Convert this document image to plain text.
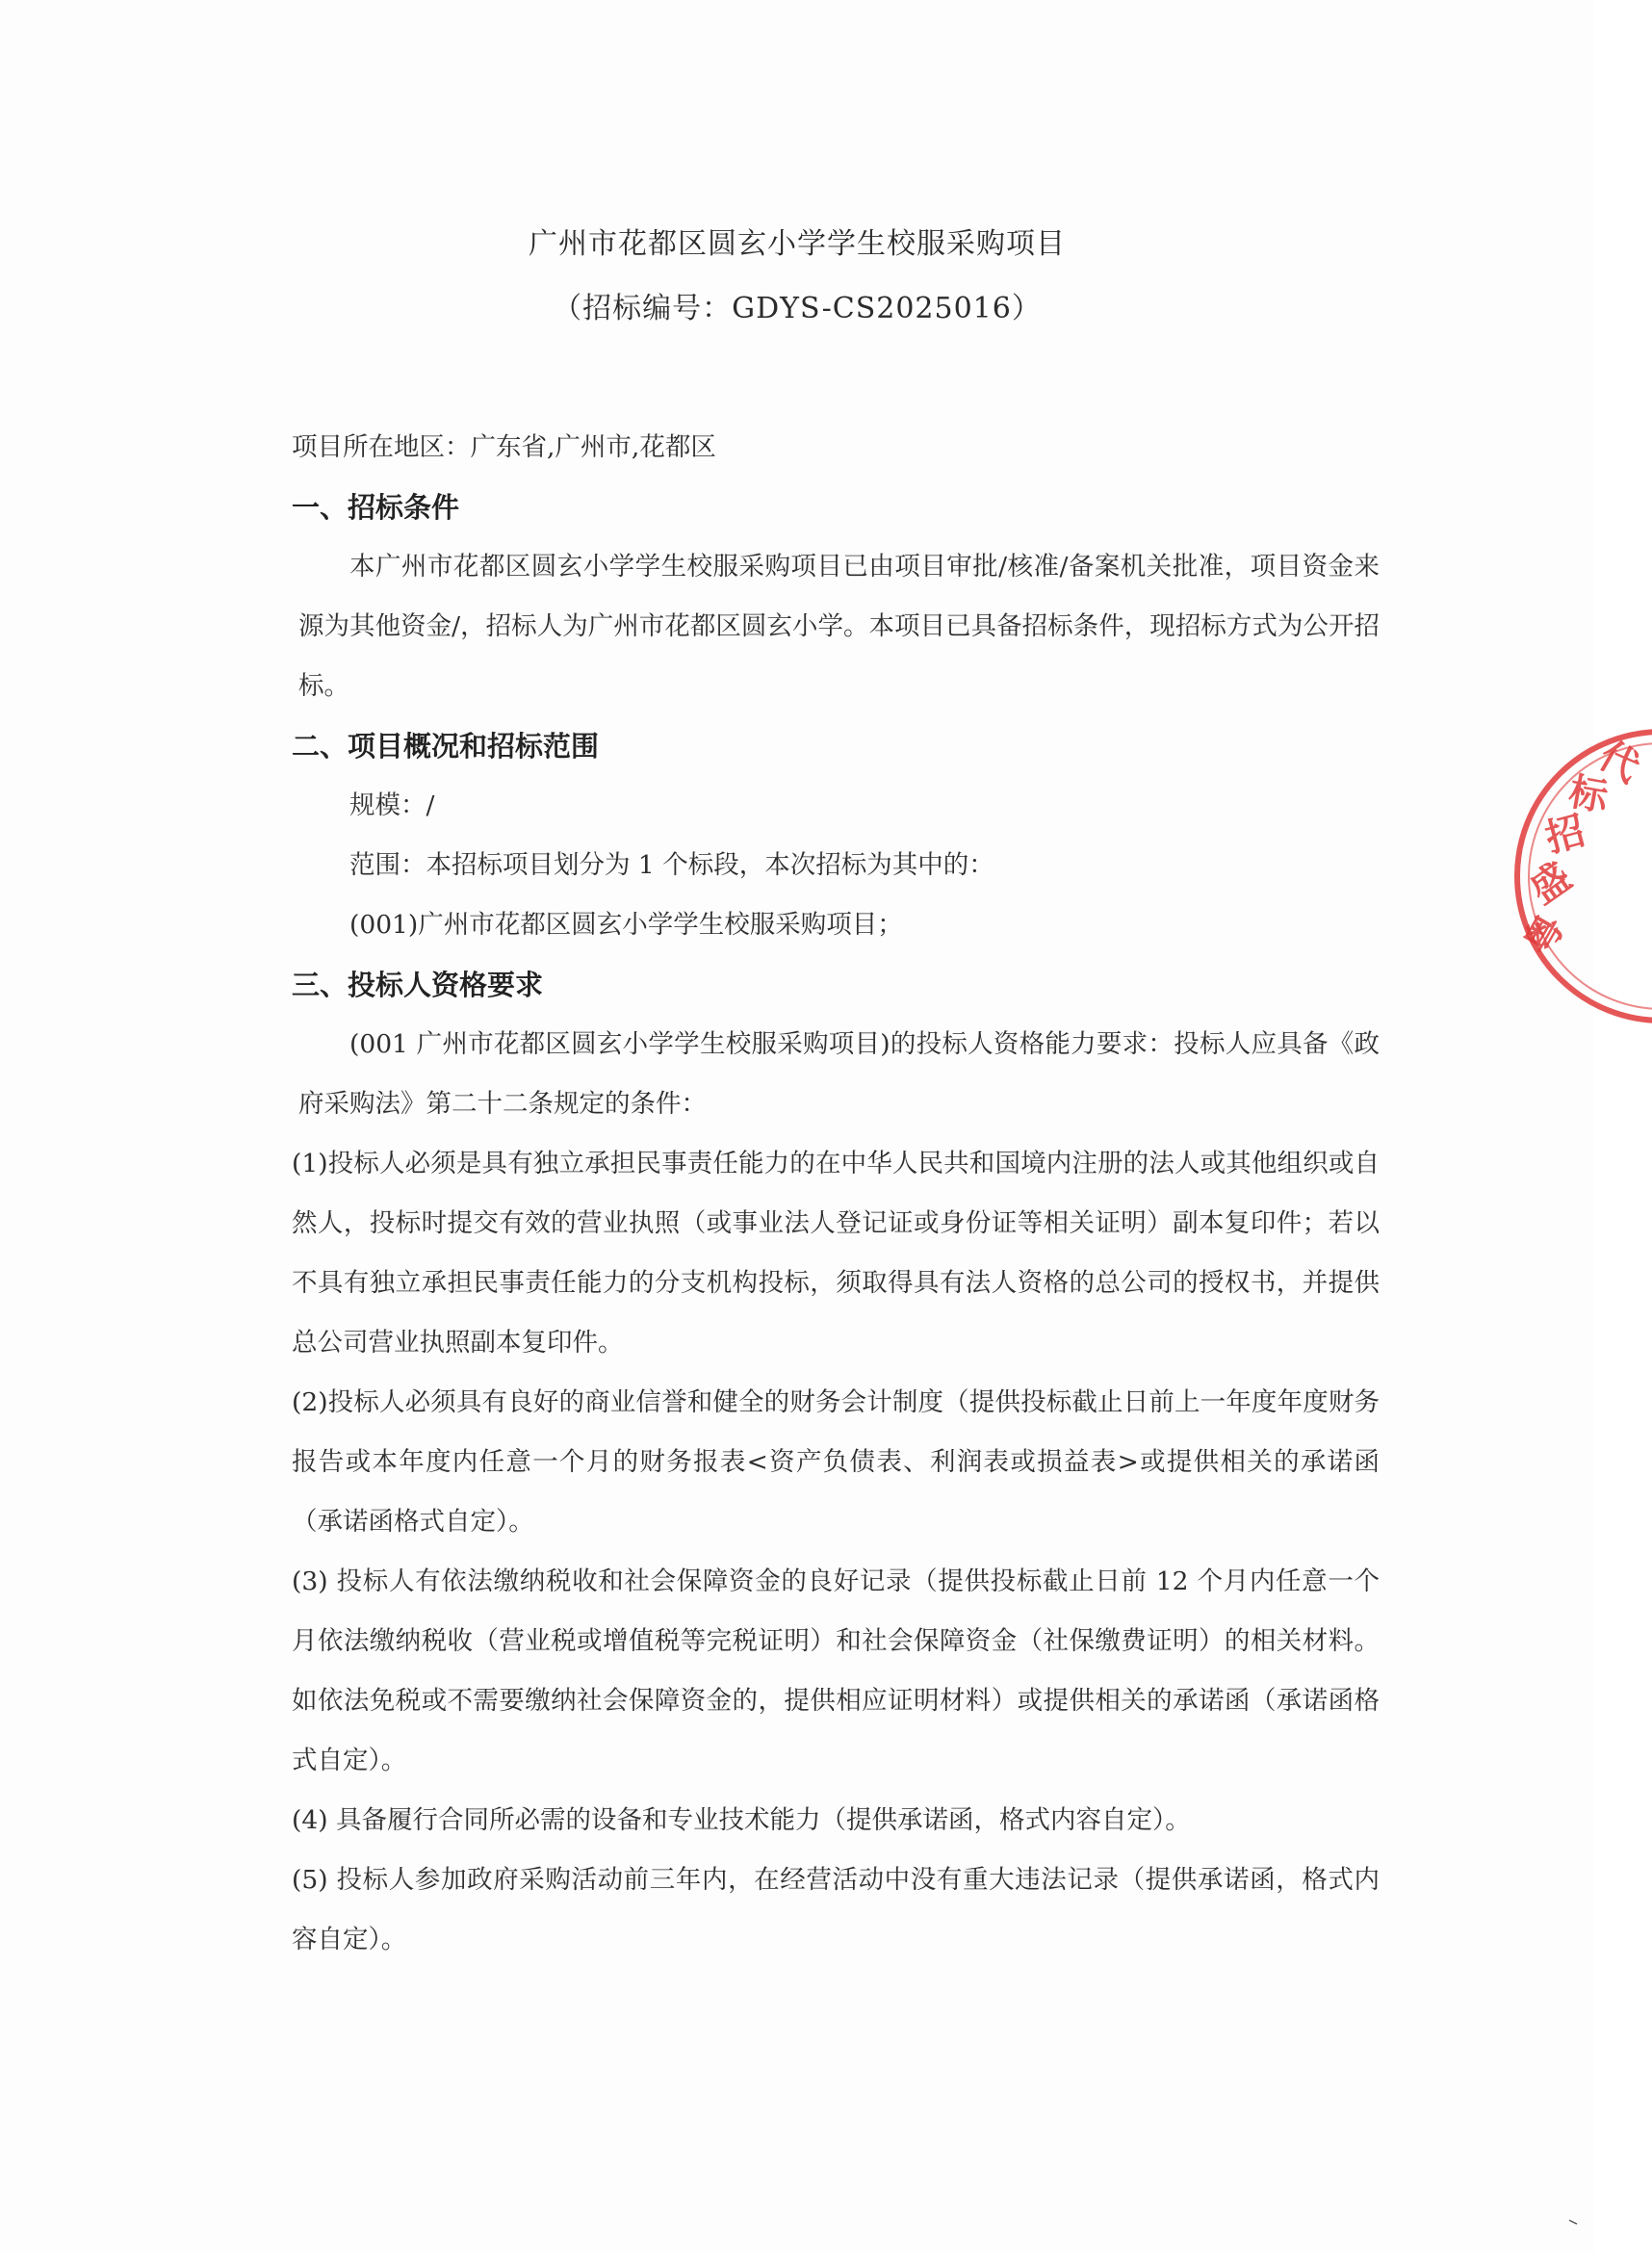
广州市花都区圆玄小学学生校服采购项目
（招标编号：GDYS-CS2025016）

项目所在地区：广东省,广州市,花都区

一、招标条件

本广州市花都区圆玄小学学生校服采购项目已由项目审批/核准/备案机关批准，项目资金来源为其他资金/，招标人为广州市花都区圆玄小学。本项目已具备招标条件，现招标方式为公开招标。

二、项目概况和招标范围

规模：/

范围：本招标项目划分为 1 个标段，本次招标为其中的：

(001)广州市花都区圆玄小学学生校服采购项目；

三、投标人资格要求

(001 广州市花都区圆玄小学学生校服采购项目)的投标人资格能力要求：投标人应具备《政府采购法》第二十二条规定的条件：

(1)投标人必须是具有独立承担民事责任能力的在中华人民共和国境内注册的法人或其他组织或自然人，投标时提交有效的营业执照（或事业法人登记证或身份证等相关证明）副本复印件；若以不具有独立承担民事责任能力的分支机构投标，须取得具有法人资格的总公司的授权书，并提供总公司营业执照副本复印件。

(2)投标人必须具有良好的商业信誉和健全的财务会计制度（提供投标截止日前上一年度年度财务报告或本年度内任意一个月的财务报表<资产负债表、利润表或损益表>或提供相关的承诺函（承诺函格式自定）。

(3) 投标人有依法缴纳税收和社会保障资金的良好记录（提供投标截止日前 12 个月内任意一个月依法缴纳税收（营业税或增值税等完税证明）和社会保障资金（社保缴费证明）的相关材料。如依法免税或不需要缴纳社会保障资金的，提供相应证明材料）或提供相关的承诺函（承诺函格式自定）。

(4) 具备履行合同所必需的设备和专业技术能力（提供承诺函，格式内容自定）。

(5) 投标人参加政府采购活动前三年内，在经营活动中没有重大违法记录（提供承诺函，格式内容自定）。

粤
盛
招
标
代
